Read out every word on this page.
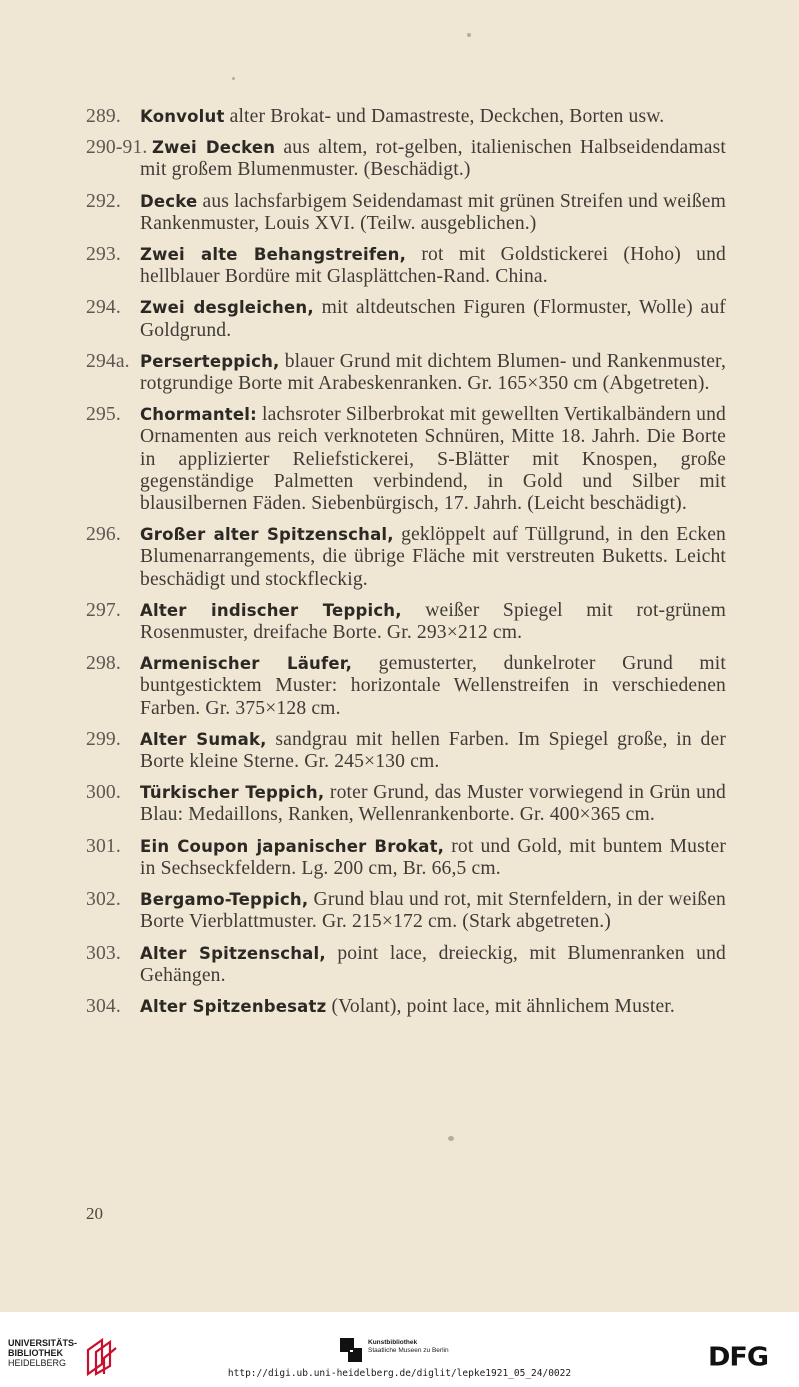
289. Konvolut alter Brokat- und Damastreste, Deckchen, Borten usw.
290-91. Zwei Decken aus altem, rot-gelben, italienischen Halbseidendamast mit großem Blumenmuster. (Beschädigt.)
292. Decke aus lachsfarbigem Seidendamast mit grünen Streifen und weißem Rankenmuster, Louis XVI. (Teilw. ausgeblichen.)
293. Zwei alte Behangstreifen, rot mit Goldstickerei (Hoho) und hellblauer Bordüre mit Glasplättchen-Rand. China.
294. Zwei desgleichen, mit altdeutschen Figuren (Flormuster, Wolle) auf Goldgrund.
294a. Perserteppich, blauer Grund mit dichtem Blumen- und Rankenmuster, rotgrundige Borte mit Arabeskenranken. Gr. 165×350 cm (Abgetreten).
295. Chormantel: lachsroter Silberbrokat mit gewellten Vertikalbändern und Ornamenten aus reich verknoteten Schnüren, Mitte 18. Jahrh. Die Borte in applizierter Reliefstickerei, S-Blätter mit Knospen, große gegenständige Palmetten verbindend, in Gold und Silber mit blausilbernen Fäden. Siebenbürgisch, 17. Jahrh. (Leicht beschädigt).
296. Großer alter Spitzenschal, geklöppelt auf Tüllgrund, in den Ecken Blumenarrangements, die übrige Fläche mit verstreuten Buketts. Leicht beschädigt und stockfleckig.
297. Alter indischer Teppich, weißer Spiegel mit rot-grünem Rosenmuster, dreifache Borte. Gr. 293×212 cm.
298. Armenischer Läufer, gemusterter, dunkelroter Grund mit buntgesticktem Muster: horizontale Wellenstreifen in verschiedenen Farben. Gr. 375×128 cm.
299. Alter Sumak, sandgrau mit hellen Farben. Im Spiegel große, in der Borte kleine Sterne. Gr. 245×130 cm.
300. Türkischer Teppich, roter Grund, das Muster vorwiegend in Grün und Blau: Medaillons, Ranken, Wellenrankenborte. Gr. 400×365 cm.
301. Ein Coupon japanischer Brokat, rot und Gold, mit buntem Muster in Sechseckfeldern. Lg. 200 cm, Br. 66,5 cm.
302. Bergamo-Teppich, Grund blau und rot, mit Sternfeldern, in der weißen Borte Vierblattmuster. Gr. 215×172 cm. (Stark abgetreten.)
303. Alter Spitzenschal, point lace, dreieckig, mit Blumenranken und Gehängen.
304. Alter Spitzenbesatz (Volant), point lace, mit ähnlichem Muster.
20
UNIVERSITÄTS-
BIBLIOTHEK
HEIDELBERG
Kunstbibliothek
Staatliche Museen zu Berlin
http://digi.ub.uni-heidelberg.de/diglit/lepke1921_05_24/0022
DFG
